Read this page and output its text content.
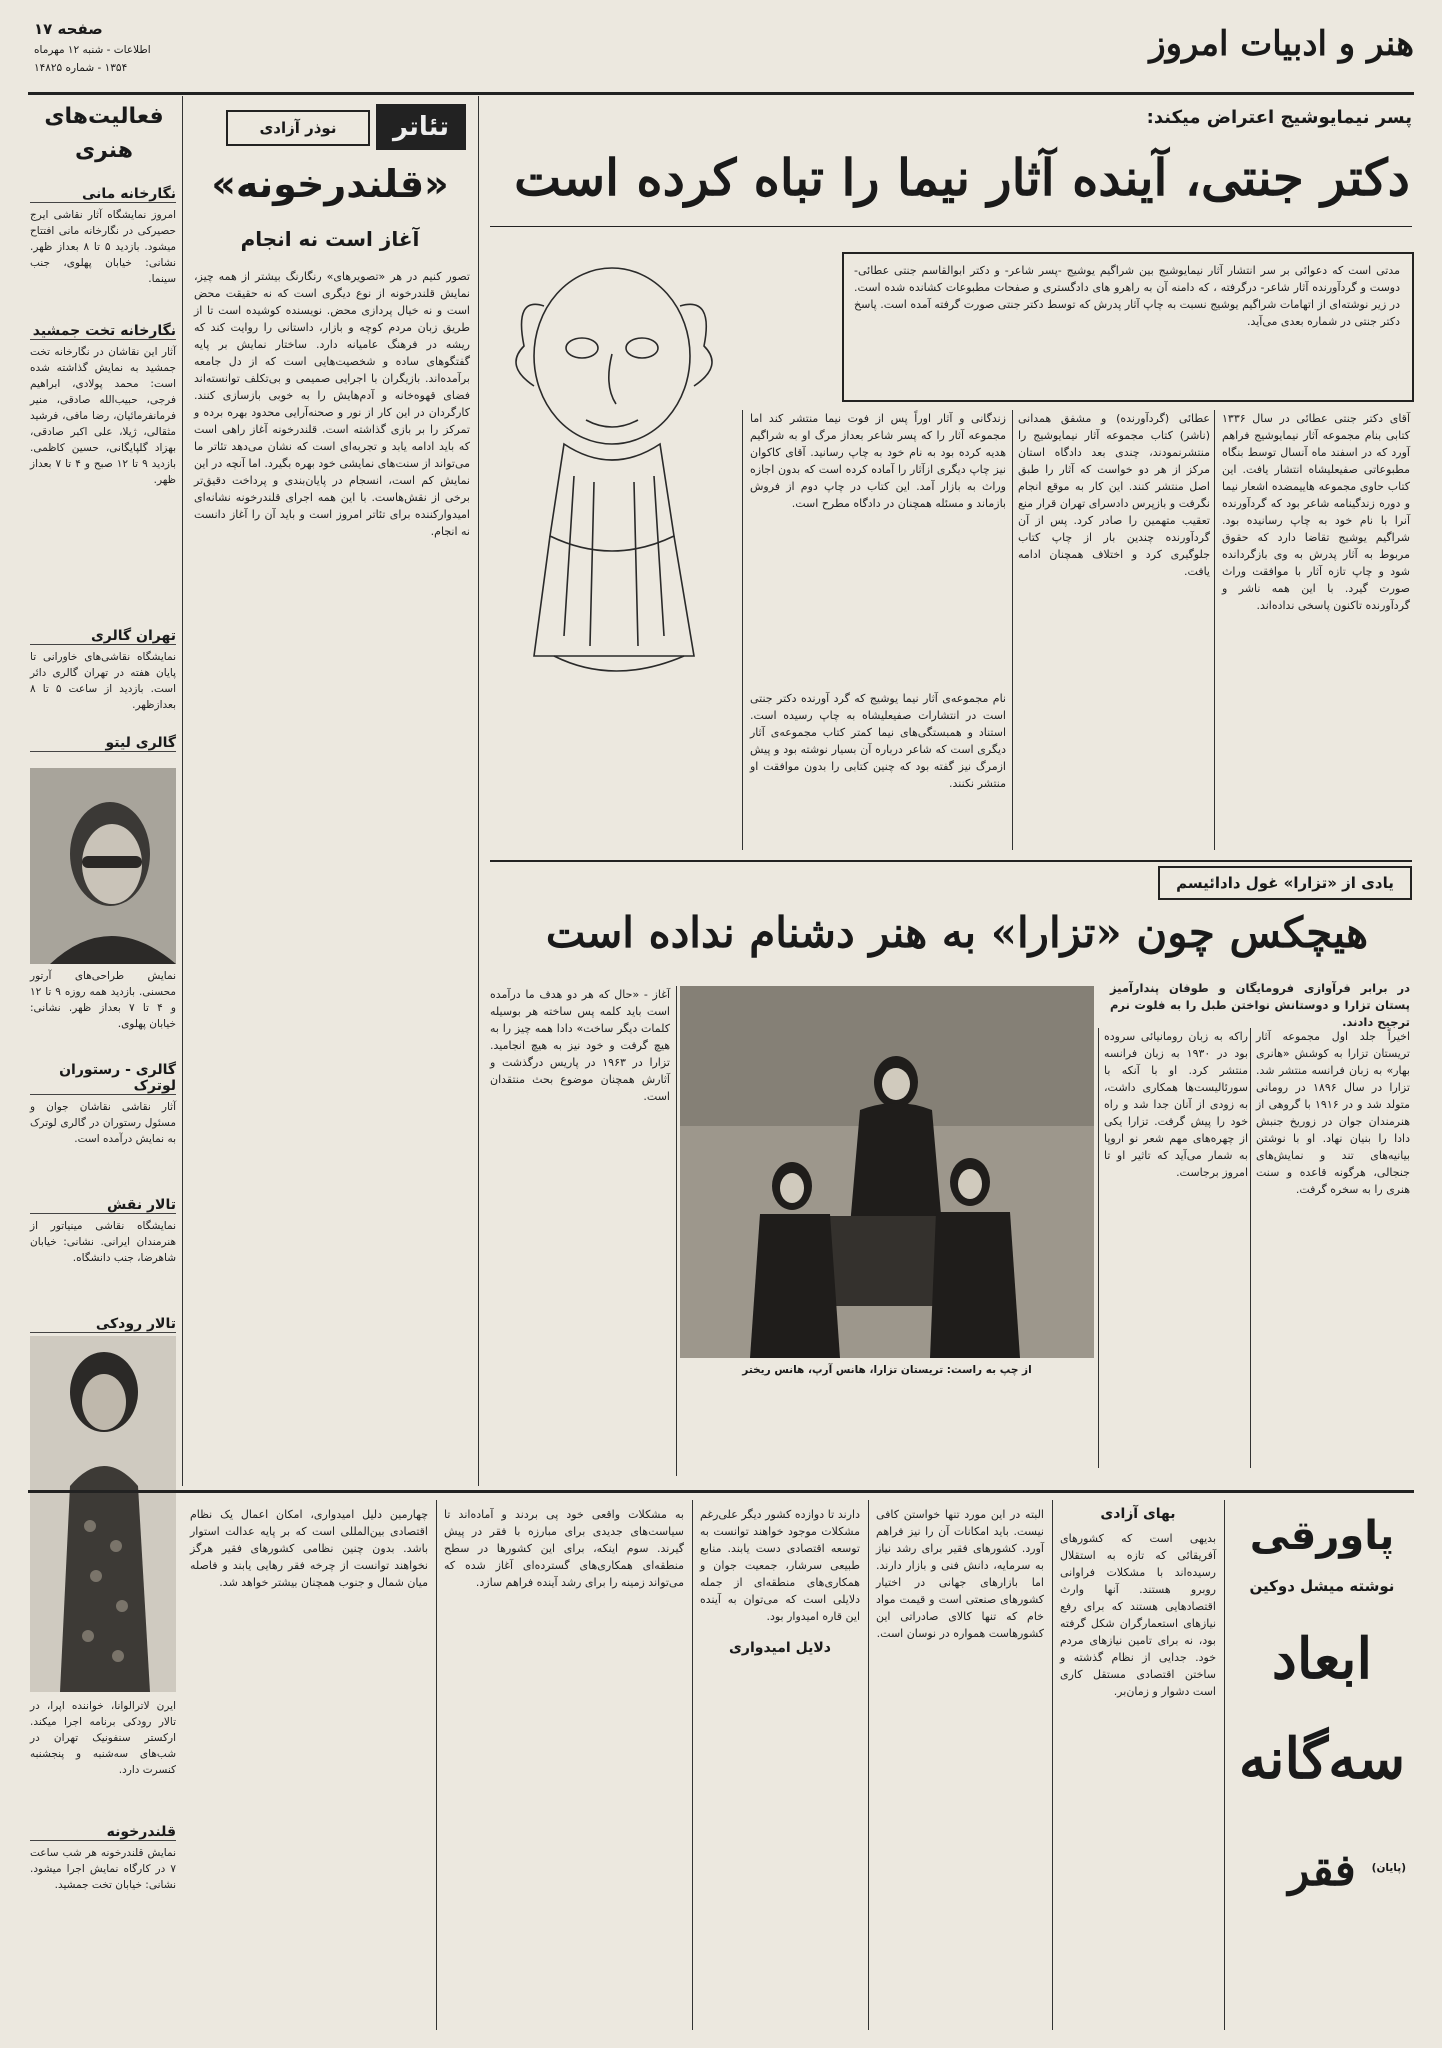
هنر و ادبیات امروز
صفحه ۱۷
اطلاعات - شنبه ۱۲ مهرماه
۱۳۵۴ - شماره ۱۴۸۲۵
فعالیت‌های هنری
نگارخانه مانی
امروز نمایشگاه آثار نقاشی ایرج حصیرکی در نگارخانه مانی افتتاح میشود. بازدید ۵ تا ۸ بعداز ظهر. نشانی: خیابان پهلوی، جنب سینما.
نگارخانه تخت جمشید
آثار این نقاشان در نگارخانه تخت جمشید به نمایش گذاشته شده است: محمد پولادی، ابراهیم فرجی، حبیب‌الله صادقی، منیر فرمانفرمائیان، رضا مافی، فرشید مثقالی، ژیلا، علی اکبر صادقی، بهزاد گلپایگانی، حسین کاظمی. بازدید ۹ تا ۱۲ صبح و ۴ تا ۷ بعداز ظهر.
تهران گالری
نمایشگاه نقاشی‌های خاورانی تا پایان هفته در تهران گالری دائر است. بازدید از ساعت ۵ تا ۸ بعدازظهر.
گالری لیتو
نمایش طراحی‌های آرتور محسنی. بازدید همه روزه ۹ تا ۱۲ و ۴ تا ۷ بعداز ظهر. نشانی: خیابان پهلوی.
گالری - رستوران لوترک
آثار نقاشی نقاشان جوان و مسئول رستوران در گالری لوترک به نمایش درآمده است.
تالار نقش
نمایشگاه نقاشی مینیاتور از هنرمندان ایرانی. نشانی: خیابان شاهرضا، جنب دانشگاه.
تالار رودکی
ایرن لاترالوانا، خواننده اپرا، در تالار رودکی برنامه اجرا میکند. ارکستر سنفونیک تهران در شب‌های سه‌شنبه و پنجشنبه کنسرت دارد.
قلندرخونه
نمایش قلندرخونه هر شب ساعت ۷ در کارگاه نمایش اجرا میشود. نشانی: خیابان تخت جمشید.
تئاتر
نوذر آزادی
«قلندرخونه»
آغاز است نه انجام
تصور کنیم در هر «تصویرهای» رنگارنگ بیشتر از همه چیز، نمایش قلندرخونه از نوع دیگری است که نه حقیقت محض است و نه خیال پردازی محض. نویسنده کوشیده است تا از طریق زبان مردم کوچه و بازار، داستانی را روایت کند که ریشه در فرهنگ عامیانه دارد. ساختار نمایش بر پایه گفتگوهای ساده و شخصیت‌هایی است که از دل جامعه برآمده‌اند. بازیگران با اجرایی صمیمی و بی‌تکلف توانسته‌اند فضای قهوه‌خانه و آدم‌هایش را به خوبی بازسازی کنند. کارگردان در این کار از نور و صحنه‌آرایی محدود بهره برده و تمرکز را بر بازی گذاشته است. قلندرخونه آغاز راهی است که باید ادامه یابد و تجربه‌ای است که نشان می‌دهد تئاتر ما می‌تواند از سنت‌های نمایشی خود بهره بگیرد. اما آنچه در این نمایش کم است، انسجام در پایان‌بندی و پرداخت دقیق‌تر برخی از نقش‌هاست. با این همه اجرای قلندرخونه نشانه‌ای امیدوارکننده برای تئاتر امروز است و باید آن را آغاز دانست نه انجام.
پسر نیمایوشیج اعتراض میکند:
دکتر جنتی، آینده آثار نیما را تباه کرده است
مدتی است که دعوائی بر سر انتشار آثار نیمایوشیج بین شراگیم یوشیج -پسر شاعر- و دکتر ابوالقاسم جنتی عطائی- دوست و گردآورنده آثار شاعر- درگرفته ، که دامنه آن به راهرو های دادگستری و صفحات مطبوعات کشانده شده است. در زیر نوشته‌ای از اتهامات شراگیم یوشیج نسبت به چاپ آثار پدرش که توسط دکتر جنتی صورت گرفته آمده است. پاسخ دکتر جنتی در شماره بعدی می‌آید.
آقای دکتر جنتی عطائی در سال ۱۳۳۶ کتابی بنام مجموعه آثار نیمایوشیج فراهم آورد که در اسفند ماه آنسال توسط بنگاه مطبوعاتی صفیعلیشاه انتشار یافت. این کتاب حاوی مجموعه هاییمضده اشعار نیما و دوره زندگینامه شاعر بود که گردآورنده آنرا با نام خود به چاپ رسانیده بود. شراگیم یوشیج تقاضا دارد که حقوق مربوط به آثار پدرش به وی بازگردانده شود و چاپ تازه آثار با موافقت وراث صورت گیرد. با این همه ناشر و گردآورنده تاکنون پاسخی نداده‌اند.
عطائی (گردآورنده) و مشفق همدانی (ناشر) کتاب مجموعه آثار نیمایوشیج را منتشرنمودند، چندی بعد دادگاه استان مرکز از هر دو خواست که آثار را طبق اصل منتشر کنند. این کار به موقع انجام نگرفت و بازپرس دادسرای تهران قرار منع تعقیب متهمین را صادر کرد. پس از آن گردآورنده چندین بار از چاپ کتاب جلوگیری کرد و اختلاف همچنان ادامه یافت.
زندگانی و آثار اوراً پس از فوت نیما منتشر کند اما مجموعه آثار را که پسر شاعر بعداز مرگ او به شراگیم هدیه کرده بود به نام خود به چاپ رسانید. آقای کاکوان نیز چاپ دیگری ازآثار را آماده کرده است که بدون اجازه وراث به بازار آمد. این کتاب در چاپ دوم از فروش بازماند و مسئله همچنان در دادگاه مطرح است.
نام مجموعه‌ی آثار نیما یوشیج که گرد آورنده دکتر جنتی است در انتشارات صفیعلیشاه به چاپ رسیده است. استناد و همبستگی‌های نیما کمتر کتاب مجموعه‌ی آثار دیگری است که شاعر درباره آن بسیار نوشته بود و پیش ازمرگ نیز گفته بود که چنین کتابی را بدون موافقت او منتشر نکنند.
یادی از «تزارا» غول دادائیسم
هیچکس چون «تزارا» به هنر دشنام نداده است
در برابر فرآوازی فرومایگان و طوفان پندارآمیز پستان تزارا و دوستانش نواختن طبل را به فلوت نرم ترجیح دادند.
از چپ به راست: تریستان تزارا، هانس آرپ، هانس ریختر
اخیراً جلد اول مجموعه آثار تریستان تزارا به کوشش «هانری بهار» به زبان فرانسه منتشر شد. تزارا در سال ۱۸۹۶ در رومانی متولد شد و در ۱۹۱۶ با گروهی از هنرمندان جوان در زوریخ جنبش دادا را بنیان نهاد. او با نوشتن بیانیه‌های تند و نمایش‌های جنجالی، هرگونه قاعده و سنت هنری را به سخره گرفت.
راکه به زبان رومانیائی سروده بود در ۱۹۳۰ به زبان فرانسه منتشر کرد. او با آنکه با سورئالیست‌ها همکاری داشت، به زودی از آنان جدا شد و راه خود را پیش گرفت. تزارا یکی از چهره‌های مهم شعر نو اروپا به شمار می‌آید که تاثیر او تا امروز برجاست.
آغاز - «حال که هر دو هدف ما درآمده است باید کلمه پس ساخته هر بوسیله کلمات دیگر ساخت» دادا همه چیز را به هیچ گرفت و خود نیز به هیچ انجامید. تزارا در ۱۹۶۳ در پاریس درگذشت و آثارش همچنان موضوع بحث منتقدان است.
پاورقی
نوشته میشل دوکین
ابعاد
سه‌گانه
فقر	(پایان)
بهای آزادی
بدیهی است که کشورهای آفریقائی که تازه به استقلال رسیده‌اند با مشکلات فراوانی روبرو هستند. آنها وارث اقتصادهایی هستند که برای رفع نیازهای استعمارگران شکل گرفته بود، نه برای تامین نیازهای مردم خود. جدایی از نظام گذشته و ساختن اقتصادی مستقل کاری است دشوار و زمان‌بر.
البته در این مورد تنها خواستن کافی نیست. باید امکانات آن را نیز فراهم آورد. کشورهای فقیر برای رشد نیاز به سرمایه، دانش فنی و بازار دارند. اما بازارهای جهانی در اختیار کشورهای صنعتی است و قیمت مواد خام که تنها کالای صادراتی این کشورهاست همواره در نوسان است.
دلایل امیدواری
دارند تا دوازده کشور دیگر علی‌رغم مشکلات موجود خواهند توانست به توسعه اقتصادی دست یابند. منابع طبیعی سرشار، جمعیت جوان و همکاری‌های منطقه‌ای از جمله دلایلی است که می‌توان به آینده این قاره امیدوار بود.
به مشکلات واقعی خود پی بردند و آماده‌اند تا سیاست‌های جدیدی برای مبارزه با فقر در پیش گیرند. سوم اینکه، برای این کشورها در سطح منطقه‌ای همکاری‌های گسترده‌ای آغاز شده که می‌تواند زمینه را برای رشد آینده فراهم سازد.
چهارمین دلیل امیدواری، امکان اعمال یک نظام اقتصادی بین‌المللی است که بر پایه عدالت استوار باشد. بدون چنین نظامی کشورهای فقیر هرگز نخواهند توانست از چرخه فقر رهایی یابند و فاصله میان شمال و جنوب همچنان بیشتر خواهد شد.
